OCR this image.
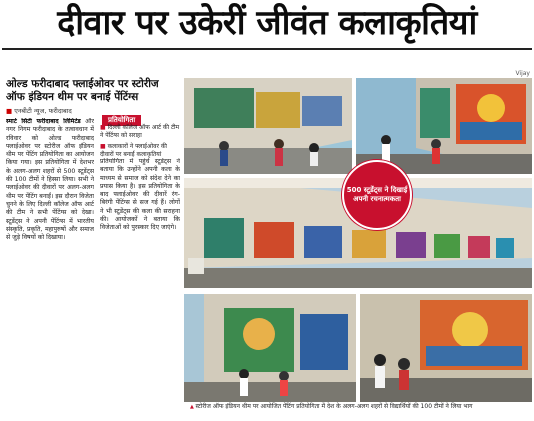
दीवार पर उकेरीं जीवंत कलाकृतियां
Vijay
ओल्ड फरीदाबाद फ्लाईओवर पर स्टोरीज ऑफ इंडियन थीम पर बनाई पेंटिंग्स
■ एनबीटी न्यूज, फरीदाबाद
प्रतियोगिता

■ दिल्ली कॉलेज ऑफ आर्ट की टीम ने पेंटिंग्स को सराहा

■ कलाकारों ने फ्लाईओवर की दीवारों पर बनाईं कलाकृतियां

स्मार्ट सिटी फरीदाबाद लिमिटेड और नगर निगम फरीदाबाद के तत्वावधान में रविवार को ओल्ड फरीदाबाद फ्लाईओवर पर स्टोरीज ऑफ इंडियन थीम पर पेंटिंग प्रतियोगिता का आयोजन किया गया। इस प्रतियोगिता में देशभर के अलग-अलग शहरों से 500 स्टूडेंट्स की 100 टीमों ने हिस्सा लिया। सभी ने फ्लाईओवर की दीवारों पर अलग-अलग थीम पर पेंटिंग बनाईं। इस दौरान विजेता चुनने के लिए दिल्ली कॉलेज ऑफ आर्ट की टीम ने सभी पेंटिंग्स को देखा। स्टूडेंट्स ने अपनी पेंटिंग्स में भारतीय संस्कृति, प्रकृति, महापुरुषों और समाज से जुड़े विषयों को दिखाया।
प्रतियोगिता में पहुंचे स्टूडेंट्स ने बताया कि उन्होंने अपनी कला के माध्यम से समाज को संदेश देने का प्रयास किया है। इस प्रतियोगिता के बाद फ्लाईओवर की दीवारें रंग-बिरंगी पेंटिंग्स से सज गई हैं। लोगों ने भी स्टूडेंट्स की कला की सराहना की। आयोजकों ने बताया कि विजेताओं को पुरस्कार दिए जाएंगे।
500 स्टूडेंट्स ने दिखाई अपनी रचनात्मकता
▲ स्टोरीज ऑफ इंडियन थीम पर आयोजित पेंटिंग प्रतियोगिता में देश के अलग-अलग शहरों से विद्यार्थियों की 100 टीमों ने लिया भाग
